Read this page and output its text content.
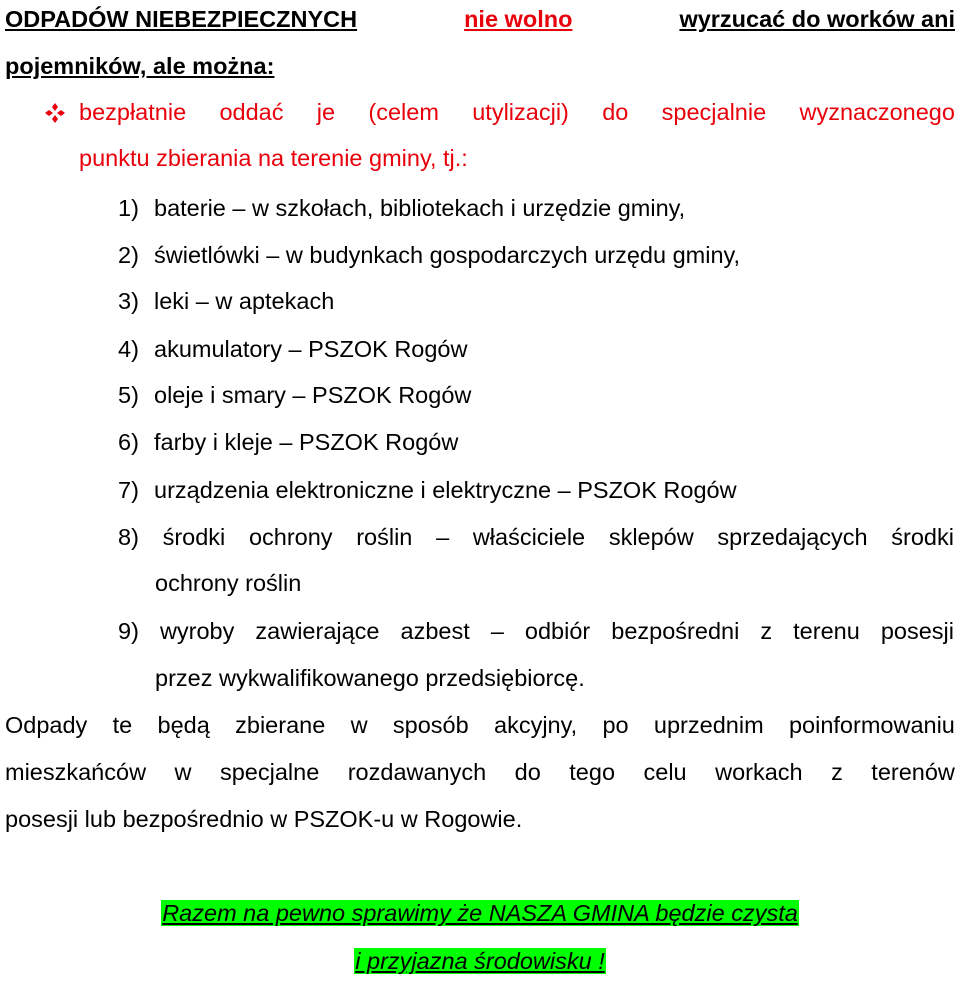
ODPADÓW NIEBEZPIECZNYCH	nie wolno	wyrzucać do worków ani
pojemników, ale można:
bezpłatnie oddać je (celem utylizacji) do specjalnie wyznaczonego
punktu zbierania na terenie gminy, tj.:
1) baterie – w szkołach, bibliotekach i urzędzie gminy,
2) świetlówki – w budynkach gospodarczych urzędu gminy,
3) leki – w aptekach
4) akumulatory – PSZOK Rogów
5) oleje i smary – PSZOK Rogów
6) farby i kleje – PSZOK Rogów
7) urządzenia elektroniczne i elektryczne – PSZOK Rogów
8) środki ochrony roślin – właściciele sklepów sprzedających środki
ochrony roślin
9) wyroby zawierające azbest – odbiór bezpośredni z terenu posesji
przez wykwalifikowanego przedsiębiorcę.
Odpady te będą zbierane w sposób akcyjny, po uprzednim poinformowaniu
mieszkańców w specjalne rozdawanych do tego celu workach z terenów
posesji lub bezpośrednio w PSZOK-u w Rogowie.
Razem na pewno sprawimy że NASZA GMINA będzie czysta
i przyjazna środowisku !
